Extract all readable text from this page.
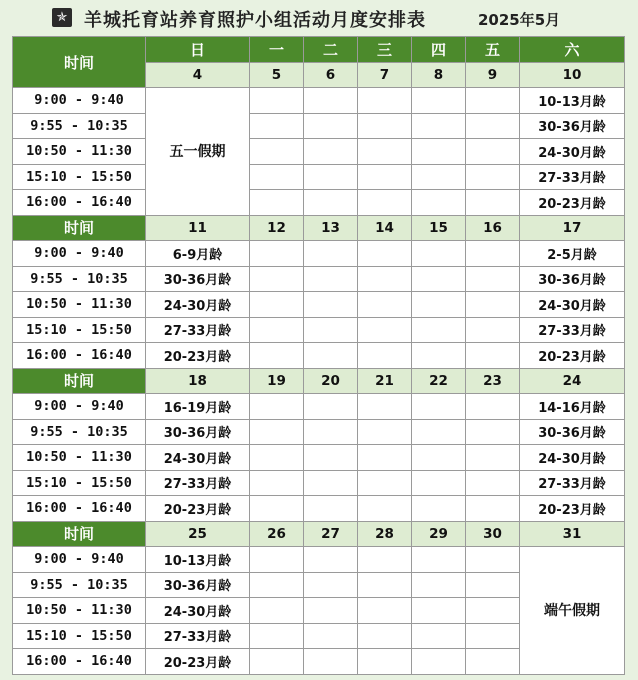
✯ 羊城托育站养育照护小组活动月度安排表	2025年5月
时间	日	一	二	三	四	五	六
	4	5	6	7	8	9	10
9:00 - 9:40	五一假期						10-13月龄
9:55 - 10:35							30-36月龄
10:50 - 11:30							24-30月龄
15:10 - 15:50							27-33月龄
16:00 - 16:40							20-23月龄
时间	11	12	13	14	15	16	17
9:00 - 9:40	6-9月龄						2-5月龄
9:55 - 10:35	30-36月龄						30-36月龄
10:50 - 11:30	24-30月龄						24-30月龄
15:10 - 15:50	27-33月龄						27-33月龄
16:00 - 16:40	20-23月龄						20-23月龄
时间	18	19	20	21	22	23	24
9:00 - 9:40	16-19月龄						14-16月龄
9:55 - 10:35	30-36月龄						30-36月龄
10:50 - 11:30	24-30月龄						24-30月龄
15:10 - 15:50	27-33月龄						27-33月龄
16:00 - 16:40	20-23月龄						20-23月龄
时间	25	26	27	28	29	30	31
9:00 - 9:40	10-13月龄						端午假期
9:55 - 10:35	30-36月龄						
10:50 - 11:30	24-30月龄						
15:10 - 15:50	27-33月龄						
16:00 - 16:40	20-23月龄						
